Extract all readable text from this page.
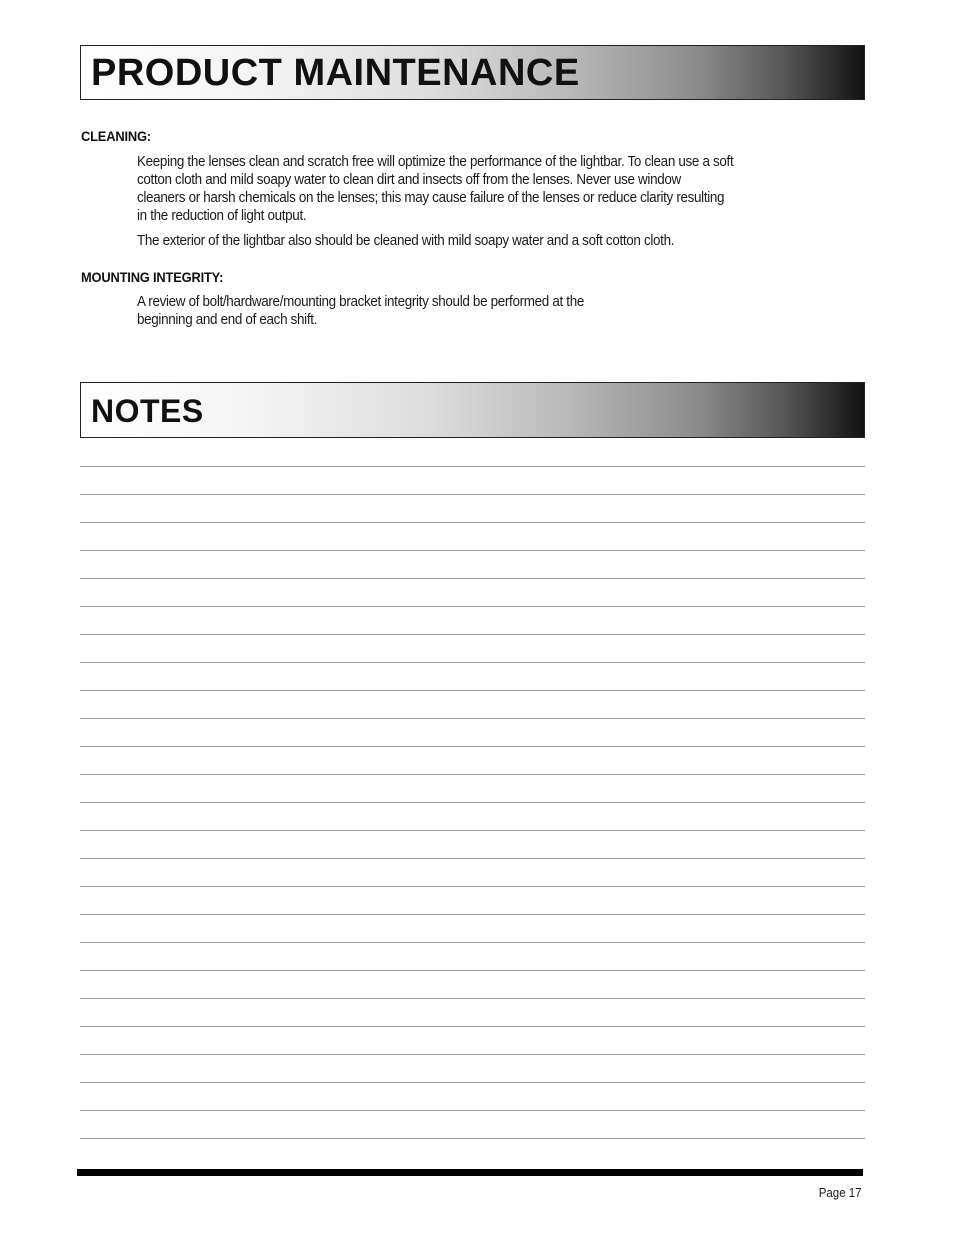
PRODUCT MAINTENANCE
CLEANING:

Keeping the lenses clean and scratch free will optimize the performance of the lightbar. To clean use a soft
cotton cloth and mild soapy water to clean dirt and insects off from the lenses. Never use window
cleaners or harsh chemicals on the lenses; this may cause failure of the lenses or reduce clarity resulting
in the reduction of light output.

The exterior of the lightbar also should be cleaned with mild soapy water and a soft cotton cloth.

MOUNTING INTEGRITY:

A review of bolt/hardware/mounting bracket integrity should be performed at the
beginning and end of each shift.

NOTES
Page 17
